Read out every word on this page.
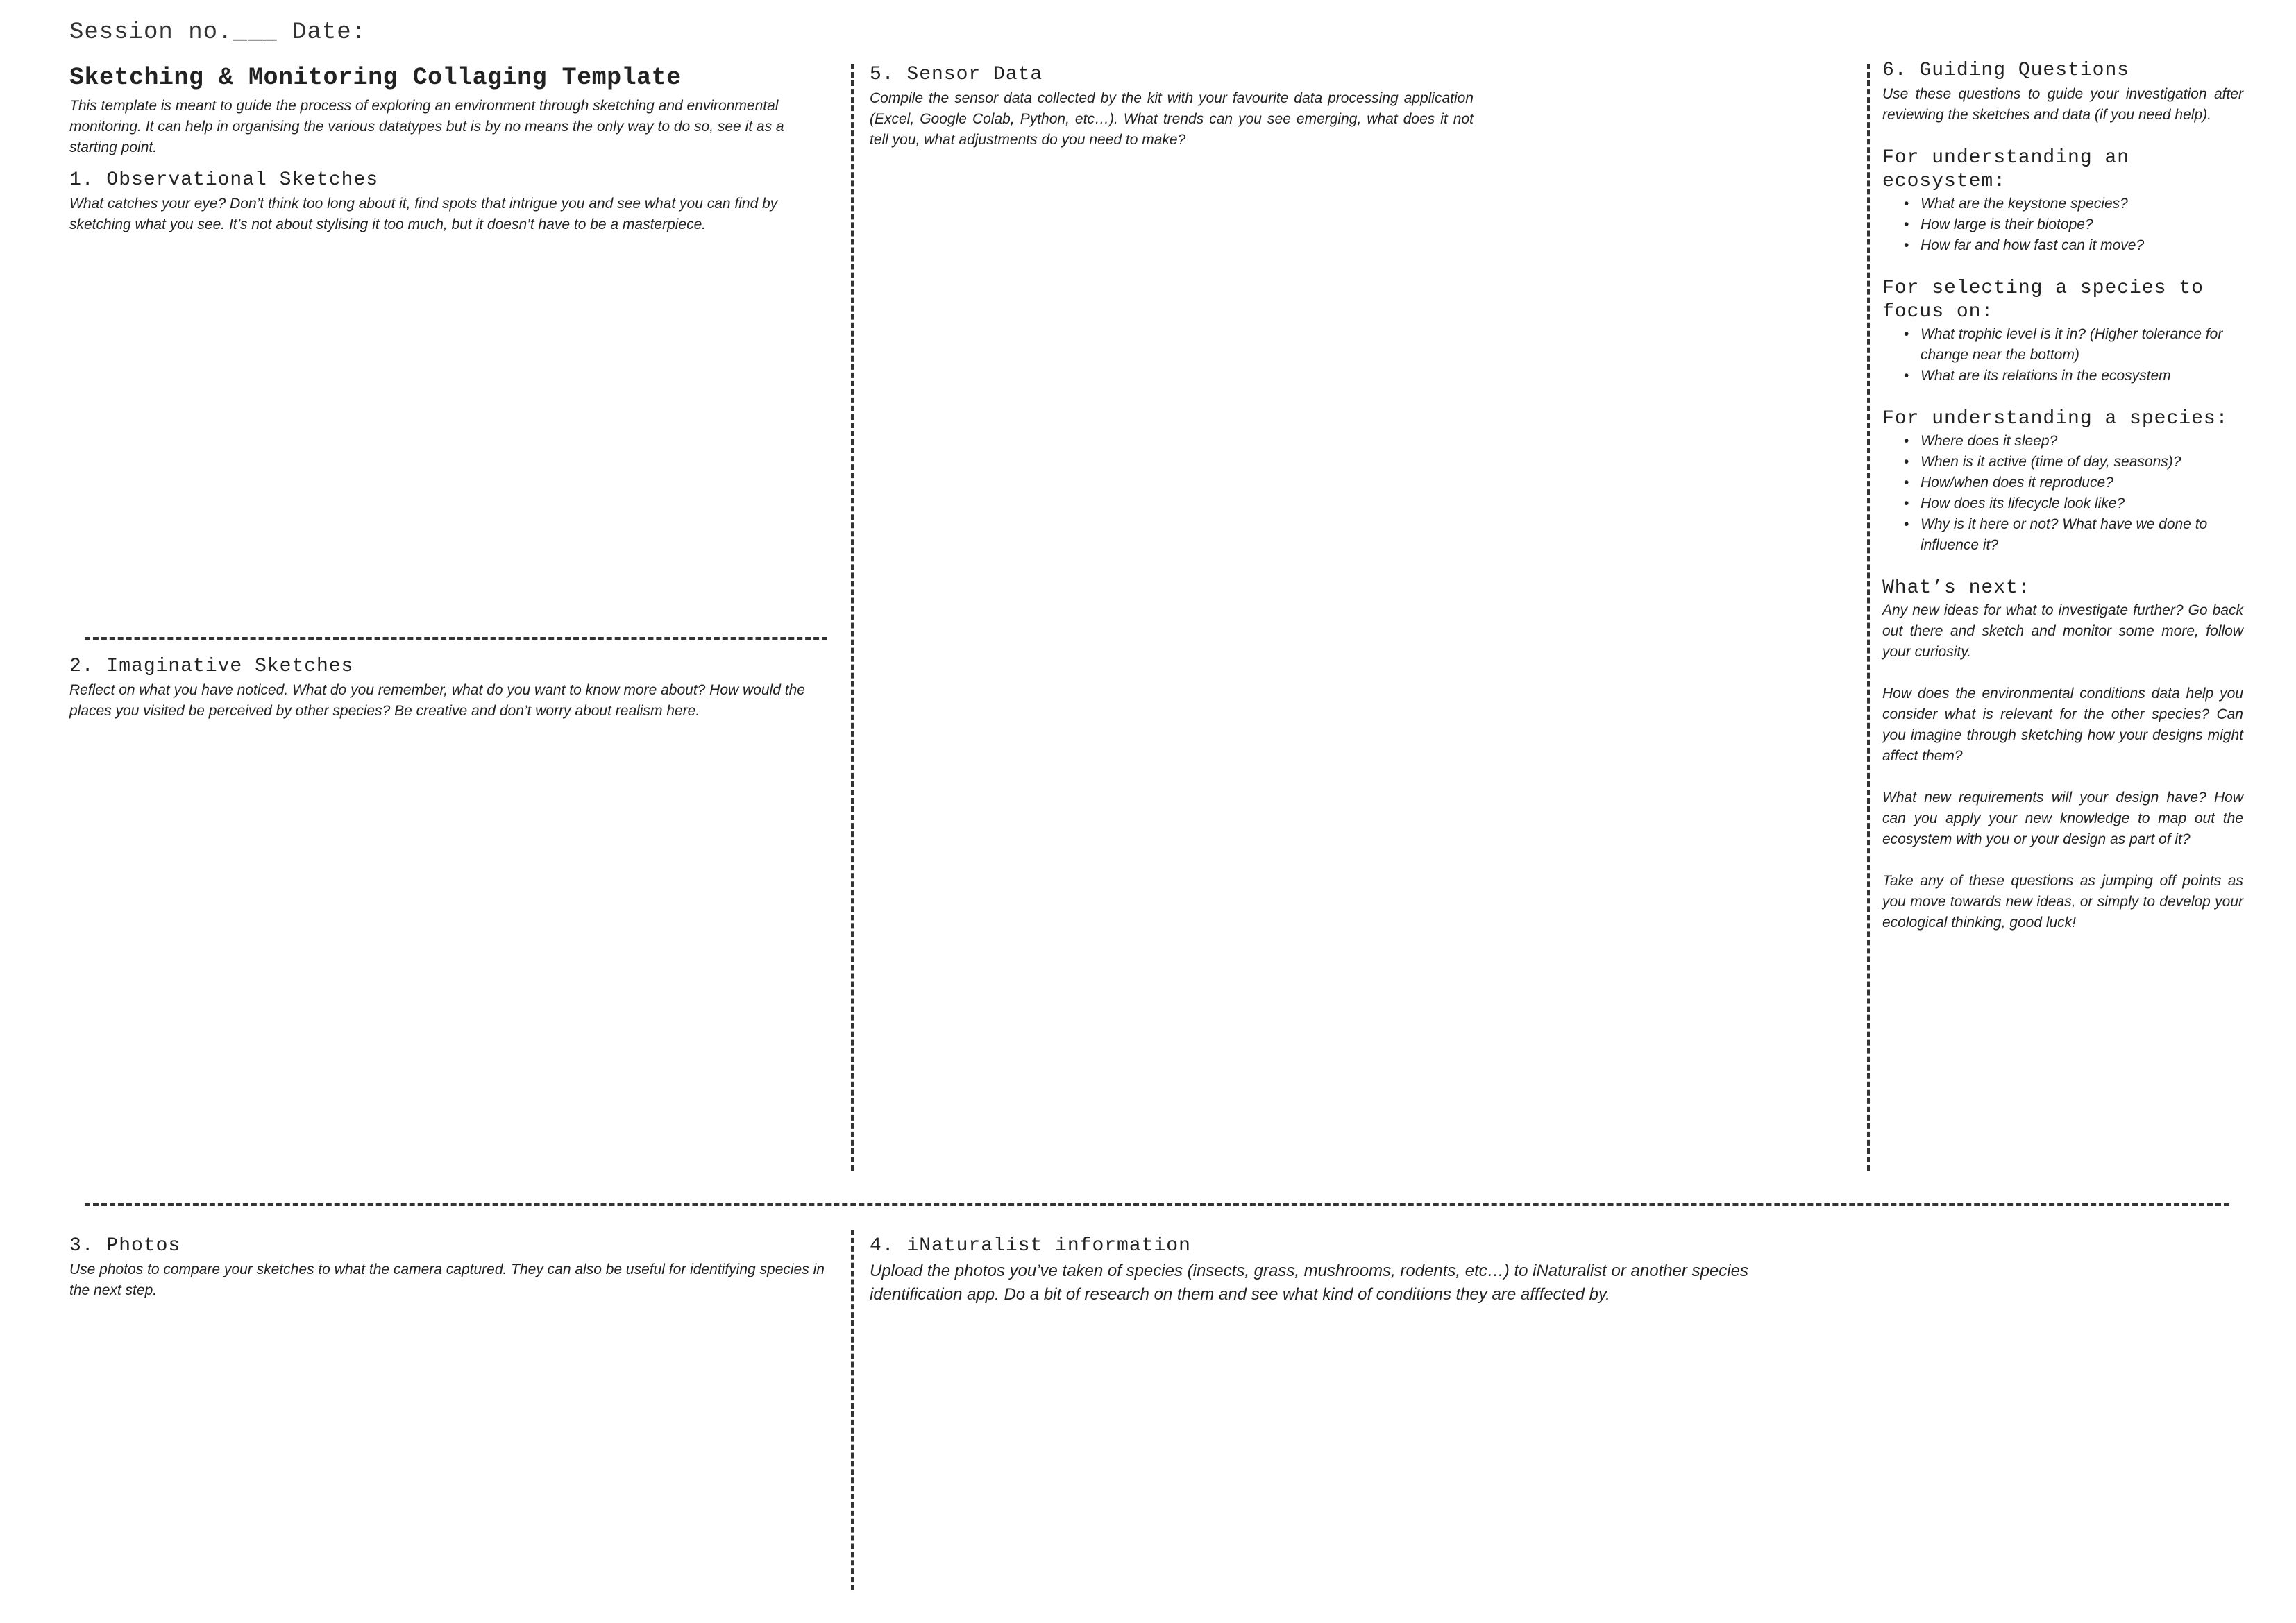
Session no.___ Date:
Sketching & Monitoring Collaging Template

This template is meant to guide the process of exploring an environment through sketching and environmental monitoring. It can help in organising the various datatypes but is by no means the only way to do so, see it as a starting point.

1. Observational Sketches

What catches your eye? Don’t think too long about it, find spots that intrigue you and see what you can find by sketching what you see. It’s not about stylising it too much, but it doesn’t have to be a masterpiece.

2. Imaginative Sketches

Reflect on what you have noticed. What do you remember, what do you want to know more about? How would the places you visited be perceived by other species? Be creative and don’t worry about realism here.

5. Sensor Data

Compile the sensor data collected by the kit with your favourite data processing application (Excel, Google Colab, Python, etc…). What trends can you see emerging, what does it not tell you, what adjustments do you need to make?

6. Guiding Questions

Use these questions to guide your investigation after reviewing the sketches and data (if you need help).

For understanding an ecosystem:
• What are the keystone species?
• How large is their biotope?
• How far and how fast can it move?
For selecting a species to focus on:
• What trophic level is it in? (Higher tolerance for change near the bottom)
• What are its relations in the ecosystem
For understanding a species:
• Where does it sleep?
• When is it active (time of day, seasons)?
• How/when does it reproduce?
• How does its lifecycle look like?
• Why is it here or not? What have we done to influence it?
What’s next:

Any new ideas for what to investigate further? Go back out there and sketch and monitor some more, follow your curiosity.

How does the environmental conditions data help you consider what is relevant for the other species? Can you imagine through sketching how your designs might affect them?

What new requirements will your design have? How can you apply your new knowledge to map out the ecosystem with you or your design as part of it?

Take any of these questions as jumping off points as you move towards new ideas, or simply to develop your ecological thinking, good luck!

3. Photos

Use photos to compare your sketches to what the camera captured. They can also be useful for identifying species in the next step.

4. iNaturalist information

Upload the photos you’ve taken of species (insects, grass, mushrooms, rodents, etc…) to iNaturalist or another species identification app. Do a bit of research on them and see what kind of conditions they are afffected by.
